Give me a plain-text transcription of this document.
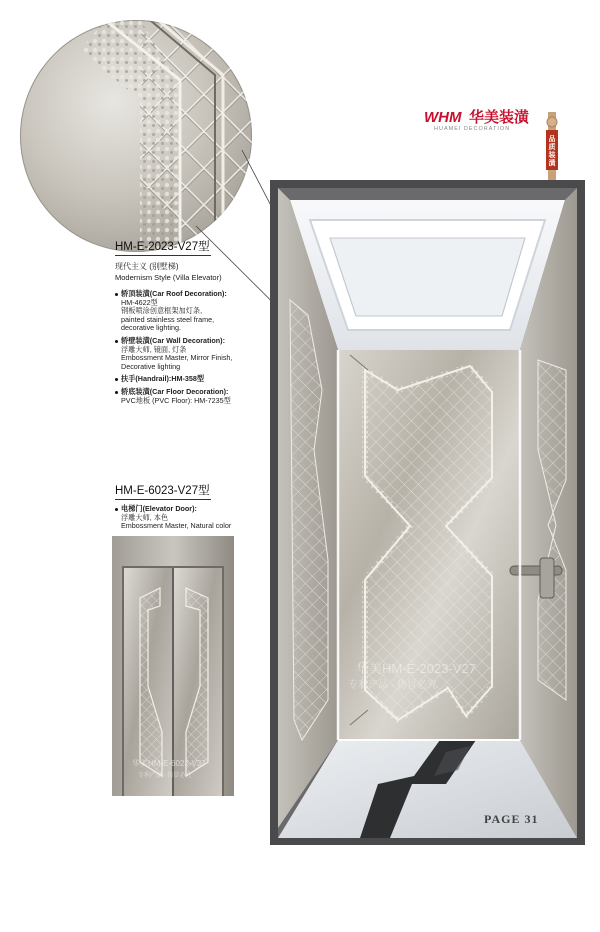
WHM 华美装潢
HUAMEI DECORATION
品质装潢
HM-E-2023-V27型
现代主义 (别墅梯)
Modernism Style (Villa Elevator)
轿顶装潢(Car Roof Decoration):
HM-4622型
钢板喷涂创意框架加灯条,
painted stainless steel frame,
decorative lighting.
轿壁装潢(Car Wall Decoration):
浮雕大师, 镜面, 灯条
Embossment Master, Mirror Finish,
Decorative lighting
扶手(Handrail):HM-358型
轿底装潢(Car Floor Decoration):
PVC地板 (PVC Floor): HM-7235型
HM-E-6023-V27型
电梯门(Elevator Door):
浮雕大师, 本色
Embossment Master, Natural color
华美HM-E-6023-V27
专利产品 · 仿冒必究
华美HM-E-2023-V27
专利产品 · 仿冒必究
PAGE 31
